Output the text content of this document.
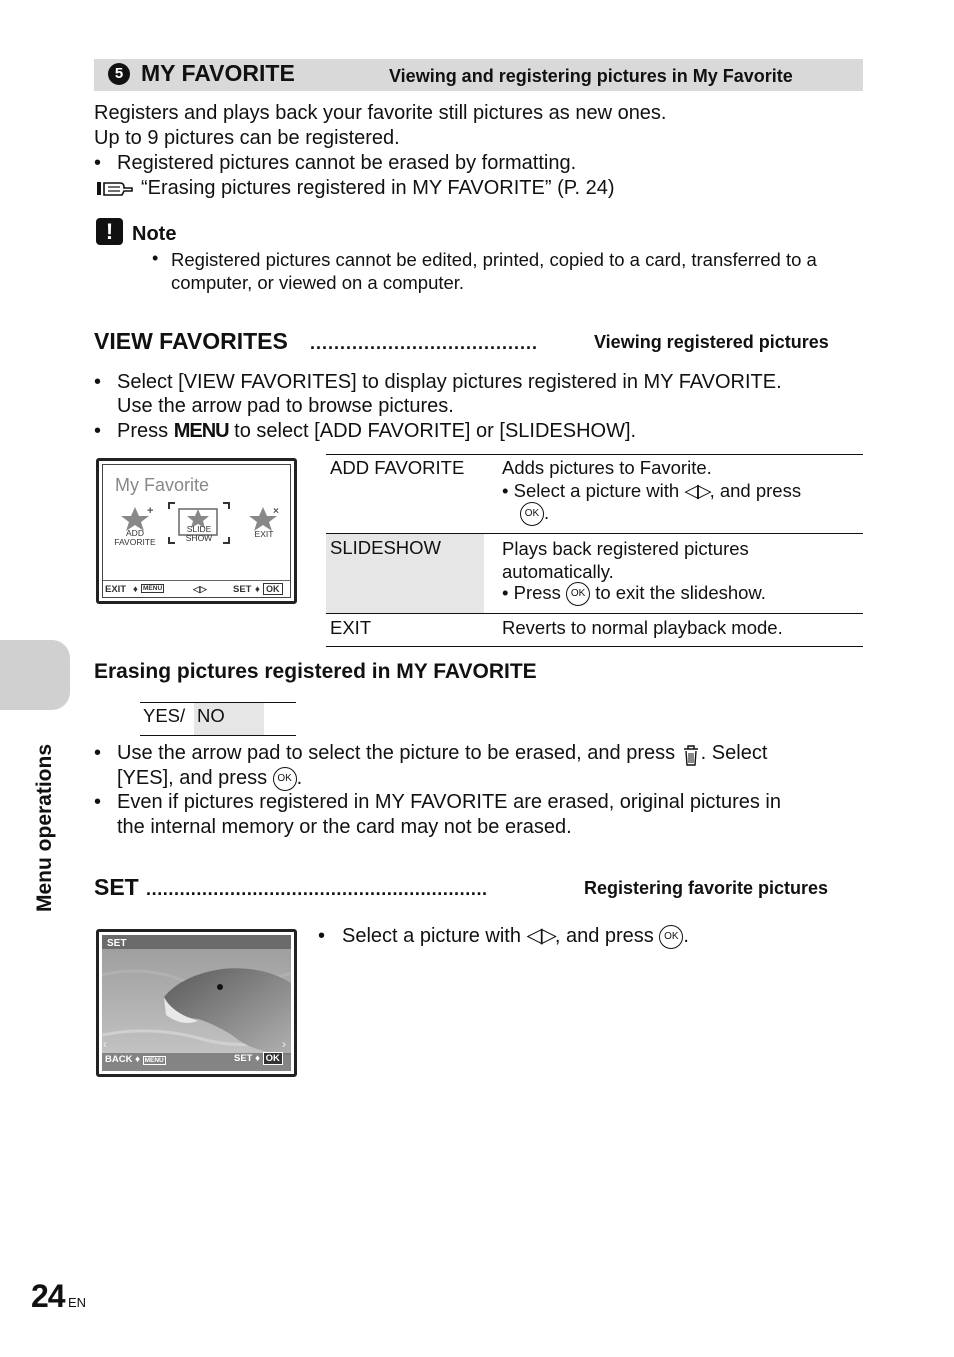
5 MY FAVORITE	Viewing and registering pictures in My Favorite
Registers and plays back your favorite still pictures as new ones.
Up to 9 pictures can be registered.
• Registered pictures cannot be erased by formatting.
“Erasing pictures registered in MY FAVORITE” (P. 24)
! Note
• Registered pictures cannot be edited, printed, copied to a card, transferred to a computer, or viewed on a computer.
VIEW FAVORITES ......................................	Viewing registered pictures
• Select [VIEW FAVORITES] to display pictures registered in MY FAVORITE.
Use the arrow pad to browse pictures.
• Press MENU to select [ADD FAVORITE] or [SLIDESHOW].
My Favorite
+
ADD FAVORITE
SLIDE SHOW
×
EXIT
EXIT ♦ MENU	◁▷	SET ♦ OK
ADD FAVORITE Adds pictures to Favorite.
• Select a picture with ◁▷, and press
OK .
SLIDESHOW	Plays back registered pictures automatically.
• Press OK to exit the slideshow.
EXIT	Reverts to normal playback mode.
Erasing pictures registered in MY FAVORITE
YES/ NO
• Use the arrow pad to select the picture to be erased, and press . Select
[YES], and press OK .
• Even if pictures registered in MY FAVORITE are erased, original pictures in
the internal memory or the card may not be erased.
SET .............................................................	Registering favorite pictures
SET
‹	›
BACK ♦ MENU	SET ♦ OK
• Select a picture with ◁▷, and press OK .
Menu operations
24 EN
